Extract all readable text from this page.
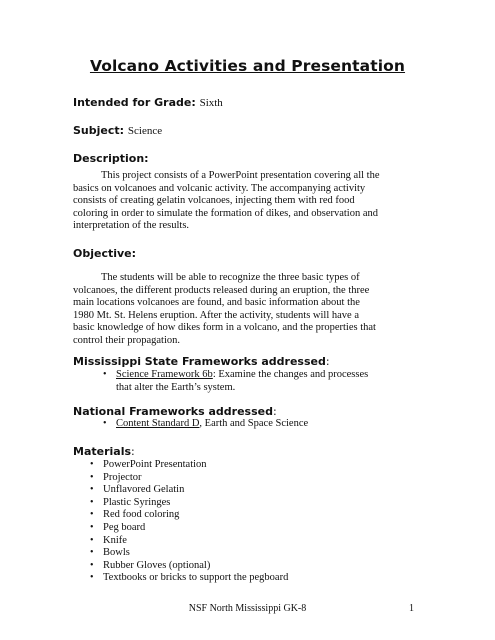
Volcano Activities and Presentation
Intended for Grade: Sixth
Subject: Science
Description:
This project consists of a PowerPoint presentation covering all the
basics on volcanoes and volcanic activity. The accompanying activity
consists of creating gelatin volcanoes, injecting them with red food
coloring in order to simulate the formation of dikes, and observation and
interpretation of the results.
Objective:
The students will be able to recognize the three basic types of
volcanoes, the different products released during an eruption, the three
main locations volcanoes are found, and basic information about the
1980 Mt. St. Helens eruption. After the activity, students will have a
basic knowledge of how dikes form in a volcano, and the properties that
control their propagation.
Mississippi State Frameworks addressed:
• Science Framework 6b: Examine the changes and processes
that alter the Earth’s system.
National Frameworks addressed:
• Content Standard D, Earth and Space Science
Materials:
• PowerPoint Presentation
• Projector
• Unflavored Gelatin
• Plastic Syringes
• Red food coloring
• Peg board
• Knife
• Bowls
• Rubber Gloves (optional)
• Textbooks or bricks to support the pegboard
NSF North Mississippi GK-8	1
